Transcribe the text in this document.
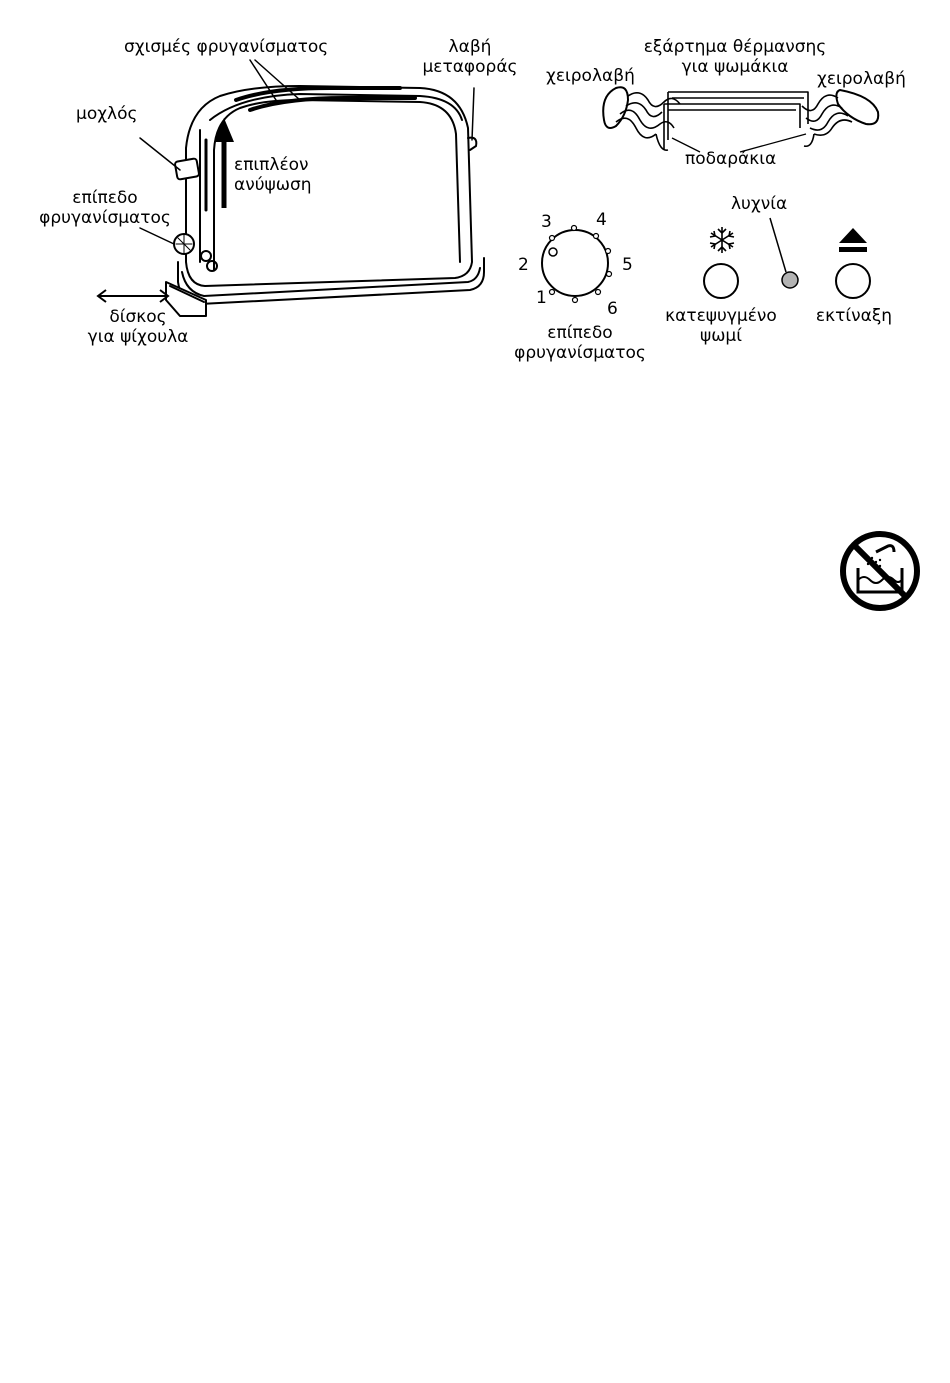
1
2
3	4
5
6
σχισμές φρυγανίσματος	λαβή
μεταφοράς
μοχλός
επιπλέον
ανύψωση
επίπεδο
φρυγανίσματος
δίσκος
για ψίχουλα
εξάρτημα θέρμανσης
για ψωμάκια
χειρολαβή	χειρολαβή
ποδαράκια
επίπεδο
φρυγανίσματος
λυχνία
κατεψυγμένο
ψωμί
εκτίναξη
